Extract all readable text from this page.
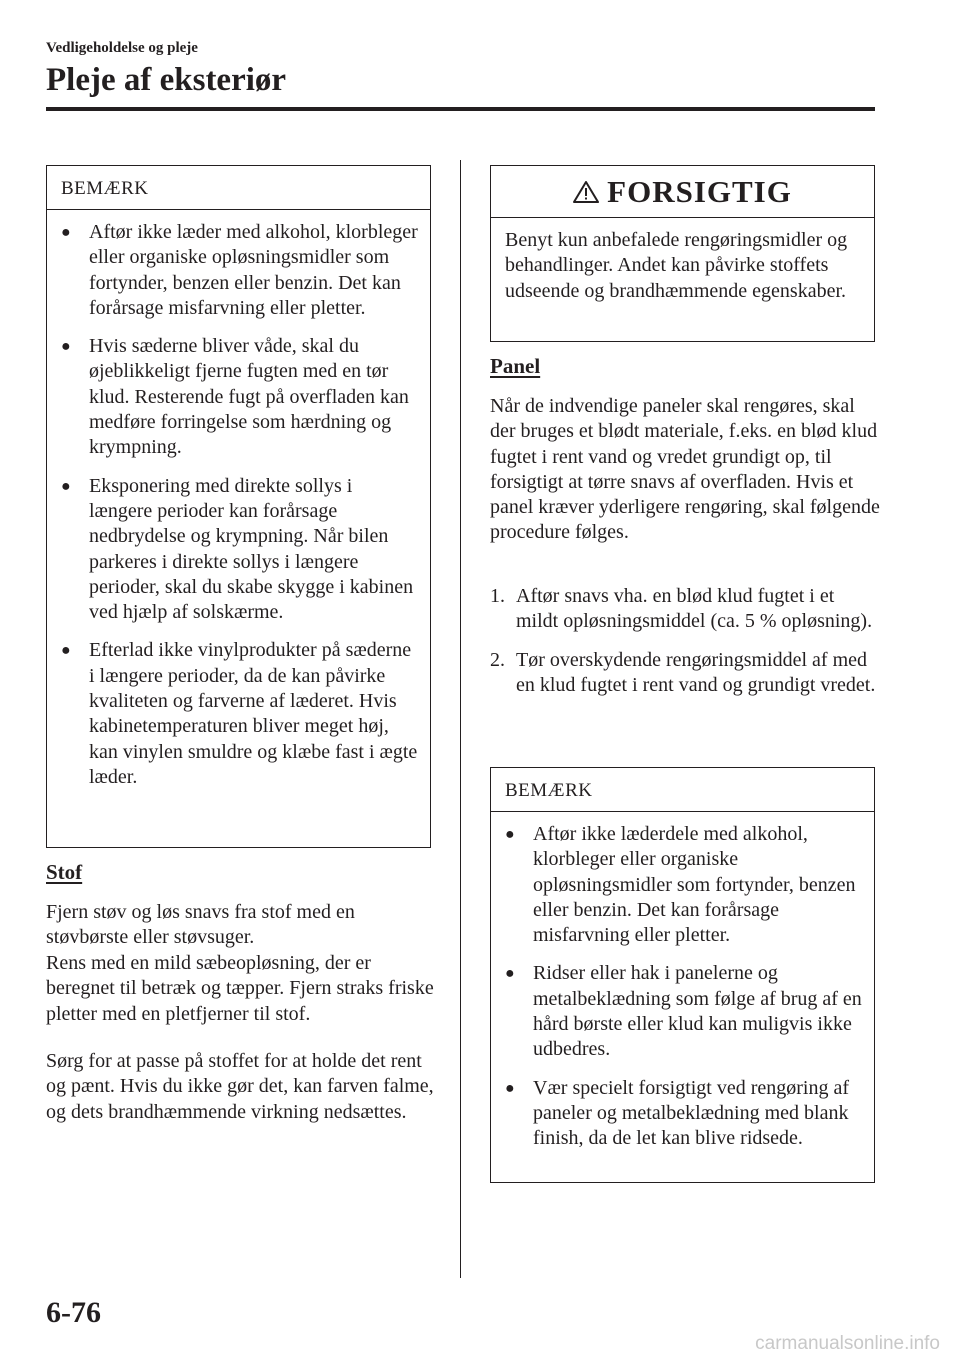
Vedligeholdelse og pleje
Pleje af eksteriør
BEMÆRK
● Aftør ikke læder med alkohol, klorbleger eller organiske opløsningsmidler som fortynder, benzen eller benzin. Det kan forårsage misfarvning eller pletter.
● Hvis sæderne bliver våde, skal du øjeblikkeligt fjerne fugten med en tør klud. Resterende fugt på overfladen kan medføre forringelse som hærdning og krympning.
● Eksponering med direkte sollys i længere perioder kan forårsage nedbrydelse og krympning. Når bilen parkeres i direkte sollys i længere perioder, skal du skabe skygge i kabinen ved hjælp af solskærme.
● Efterlad ikke vinylprodukter på sæderne i længere perioder, da de kan påvirke kvaliteten og farverne af læderet. Hvis kabinetemperaturen bliver meget høj, kan vinylen smuldre og klæbe fast i ægte læder.
Stof

Fjern støv og løs snavs fra stof med en støvbørste eller støvsuger.

Rens med en mild sæbeopløsning, der er beregnet til betræk og tæpper. Fjern straks friske pletter med en pletfjerner til stof.

Sørg for at passe på stoffet for at holde det rent og pænt. Hvis du ikke gør det, kan farven falme, og dets brandhæmmende virkning nedsættes.

FORSIGTIG
Benyt kun anbefalede rengøringsmidler og behandlinger. Andet kan påvirke stoffets udseende og brandhæmmende egenskaber.
Panel

Når de indvendige paneler skal rengøres, skal der bruges et blødt materiale, f.eks. en blød klud fugtet i rent vand og vredet grundigt op, til forsigtigt at tørre snavs af overfladen. Hvis et panel kræver yderligere rengøring, skal følgende procedure følges.

1. Aftør snavs vha. en blød klud fugtet i et mildt opløsningsmiddel (ca. 5 % opløsning).
2. Tør overskydende rengøringsmiddel af med en klud fugtet i rent vand og grundigt vredet.
BEMÆRK
● Aftør ikke læderdele med alkohol, klorbleger eller organiske opløsningsmidler som fortynder, benzen eller benzin. Det kan forårsage misfarvning eller pletter.
● Ridser eller hak i panelerne og metalbeklædning som følge af brug af en hård børste eller klud kan muligvis ikke udbedres.
● Vær specielt forsigtigt ved rengøring af paneler og metalbeklædning med blank finish, da de let kan blive ridsede.
6-76
carmanualsonline.info
